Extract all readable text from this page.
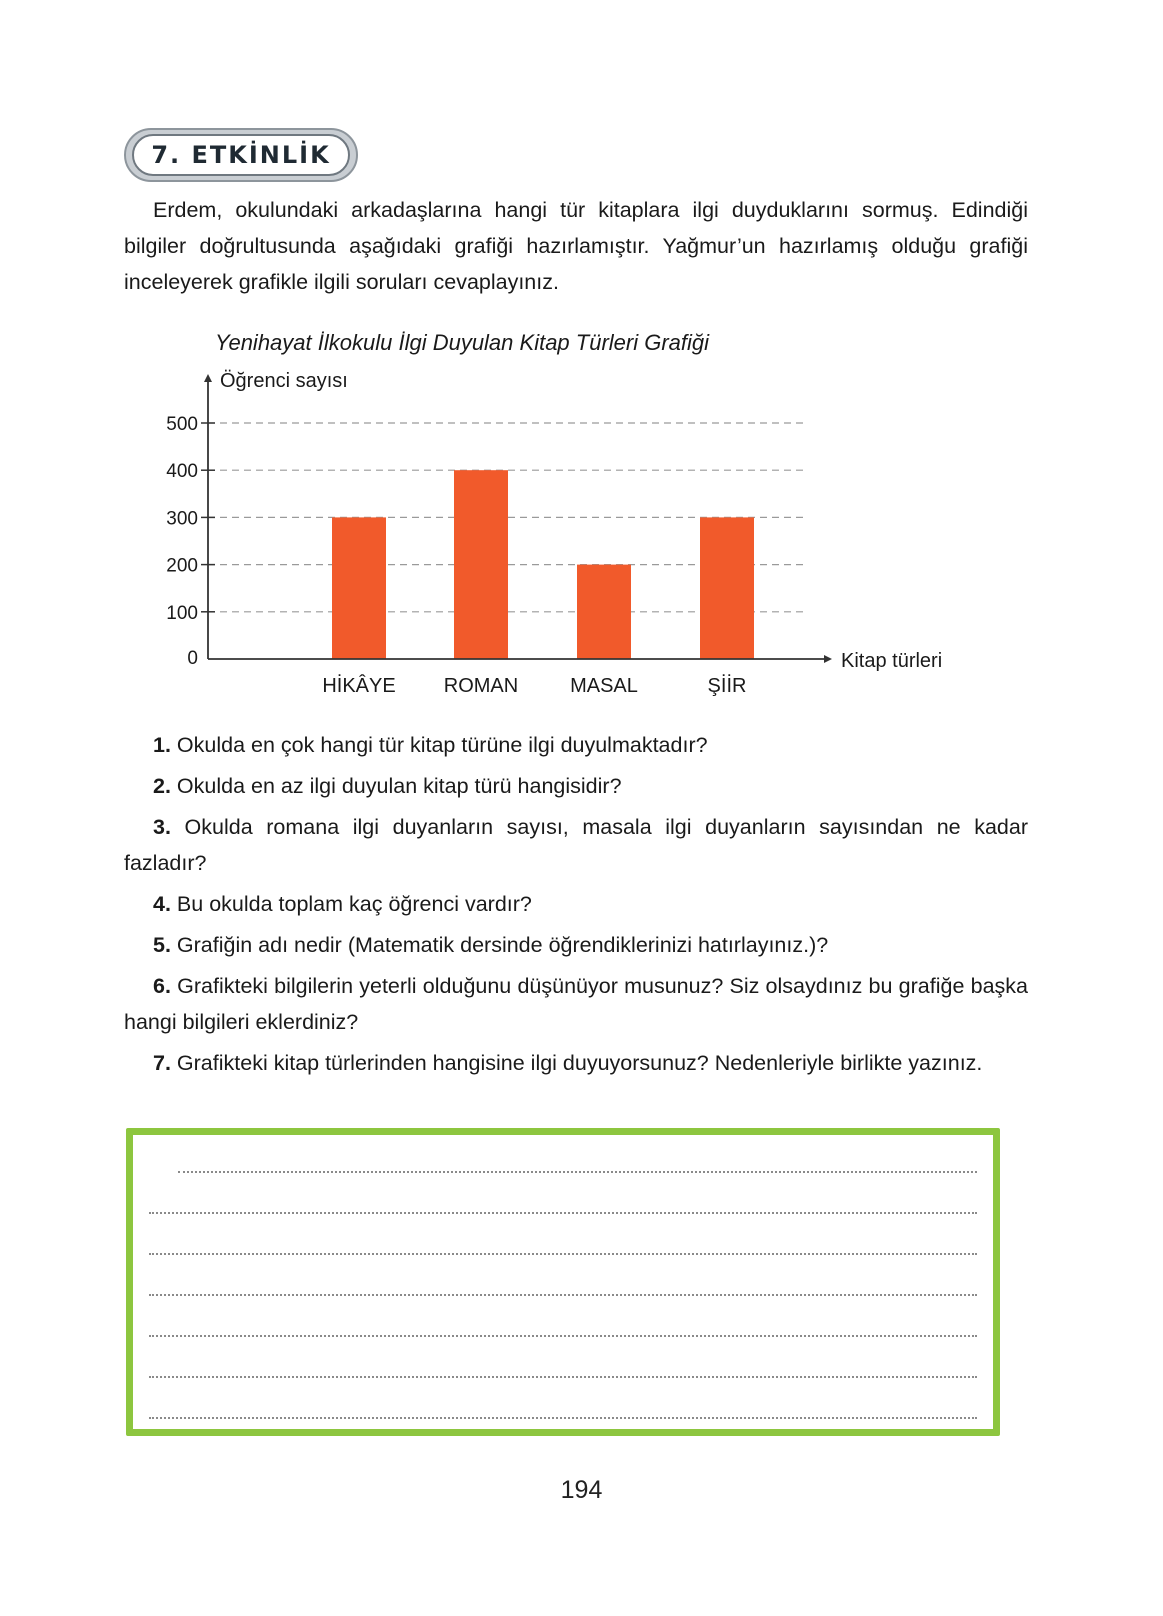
7. ETKİNLİK

Erdem, okulundaki arkadaşlarına hangi tür kitaplara ilgi duyduklarını sormuş. Edindiği bilgiler doğrultusunda aşağıdaki grafiği hazırlamıştır. Yağmur’un hazırlamış olduğu grafiği inceleyerek grafikle ilgili soruları cevaplayınız.

Yenihayat İlkokulu İlgi Duyulan Kitap Türleri Grafiği
Öğrenci sayısı
0
100
200
300
400
500
HİKÂYE ROMAN	MASAL	ŞİİR
Kitap türleri

1. Okulda en çok hangi tür kitap türüne ilgi duyulmaktadır?

2. Okulda en az ilgi duyulan kitap türü hangisidir?

3. Okulda romana ilgi duyanların sayısı, masala ilgi duyanların sayısından ne kadar fazladır?

4. Bu okulda toplam kaç öğrenci vardır?

5. Grafiğin adı nedir (Matematik dersinde öğrendiklerinizi hatırlayınız.)?

6. Grafikteki bilgilerin yeterli olduğunu düşünüyor musunuz? Siz olsaydınız bu grafiğe başka hangi bilgileri eklerdiniz?

7. Grafikteki kitap türlerinden hangisine ilgi duyuyorsunuz? Nedenleriyle birlikte yazınız.

194
